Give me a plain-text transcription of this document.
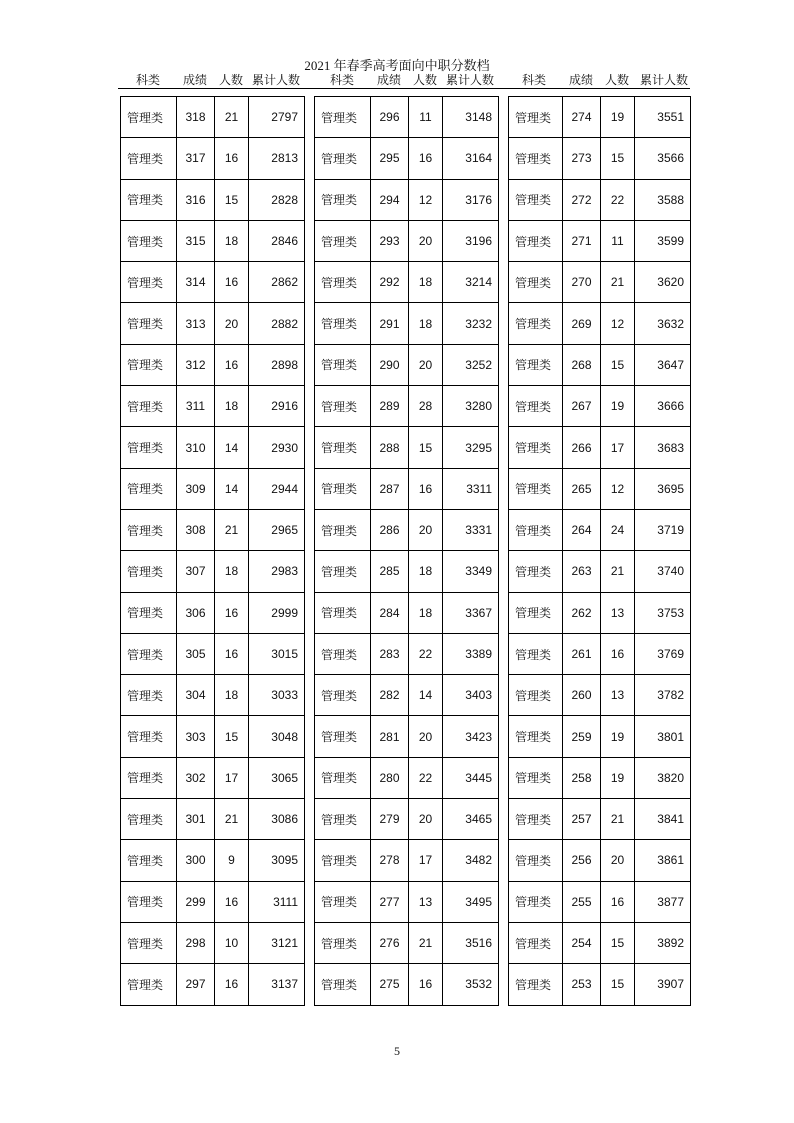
2021 年春季高考面向中职分数档
科类	成绩 人数 累计人数	科类	成绩 人数 累计人数	科类	成绩 人数 累计人数
管理类	318	21	2797
管理类	317	16	2813
管理类	316	15	2828
管理类	315	18	2846
管理类	314	16	2862
管理类	313	20	2882
管理类	312	16	2898
管理类	311	18	2916
管理类	310	14	2930
管理类	309	14	2944
管理类	308	21	2965
管理类	307	18	2983
管理类	306	16	2999
管理类	305	16	3015
管理类	304	18	3033
管理类	303	15	3048
管理类	302	17	3065
管理类	301	21	3086
管理类	300	9	3095
管理类	299	16	3111
管理类	298	10	3121
管理类	297	16	3137
管理类	296	11	3148
管理类	295	16	3164
管理类	294	12	3176
管理类	293	20	3196
管理类	292	18	3214
管理类	291	18	3232
管理类	290	20	3252
管理类	289	28	3280
管理类	288	15	3295
管理类	287	16	3311
管理类	286	20	3331
管理类	285	18	3349
管理类	284	18	3367
管理类	283	22	3389
管理类	282	14	3403
管理类	281	20	3423
管理类	280	22	3445
管理类	279	20	3465
管理类	278	17	3482
管理类	277	13	3495
管理类	276	21	3516
管理类	275	16	3532
管理类	274	19	3551
管理类	273	15	3566
管理类	272	22	3588
管理类	271	11	3599
管理类	270	21	3620
管理类	269	12	3632
管理类	268	15	3647
管理类	267	19	3666
管理类	266	17	3683
管理类	265	12	3695
管理类	264	24	3719
管理类	263	21	3740
管理类	262	13	3753
管理类	261	16	3769
管理类	260	13	3782
管理类	259	19	3801
管理类	258	19	3820
管理类	257	21	3841
管理类	256	20	3861
管理类	255	16	3877
管理类	254	15	3892
管理类	253	15	3907
5
